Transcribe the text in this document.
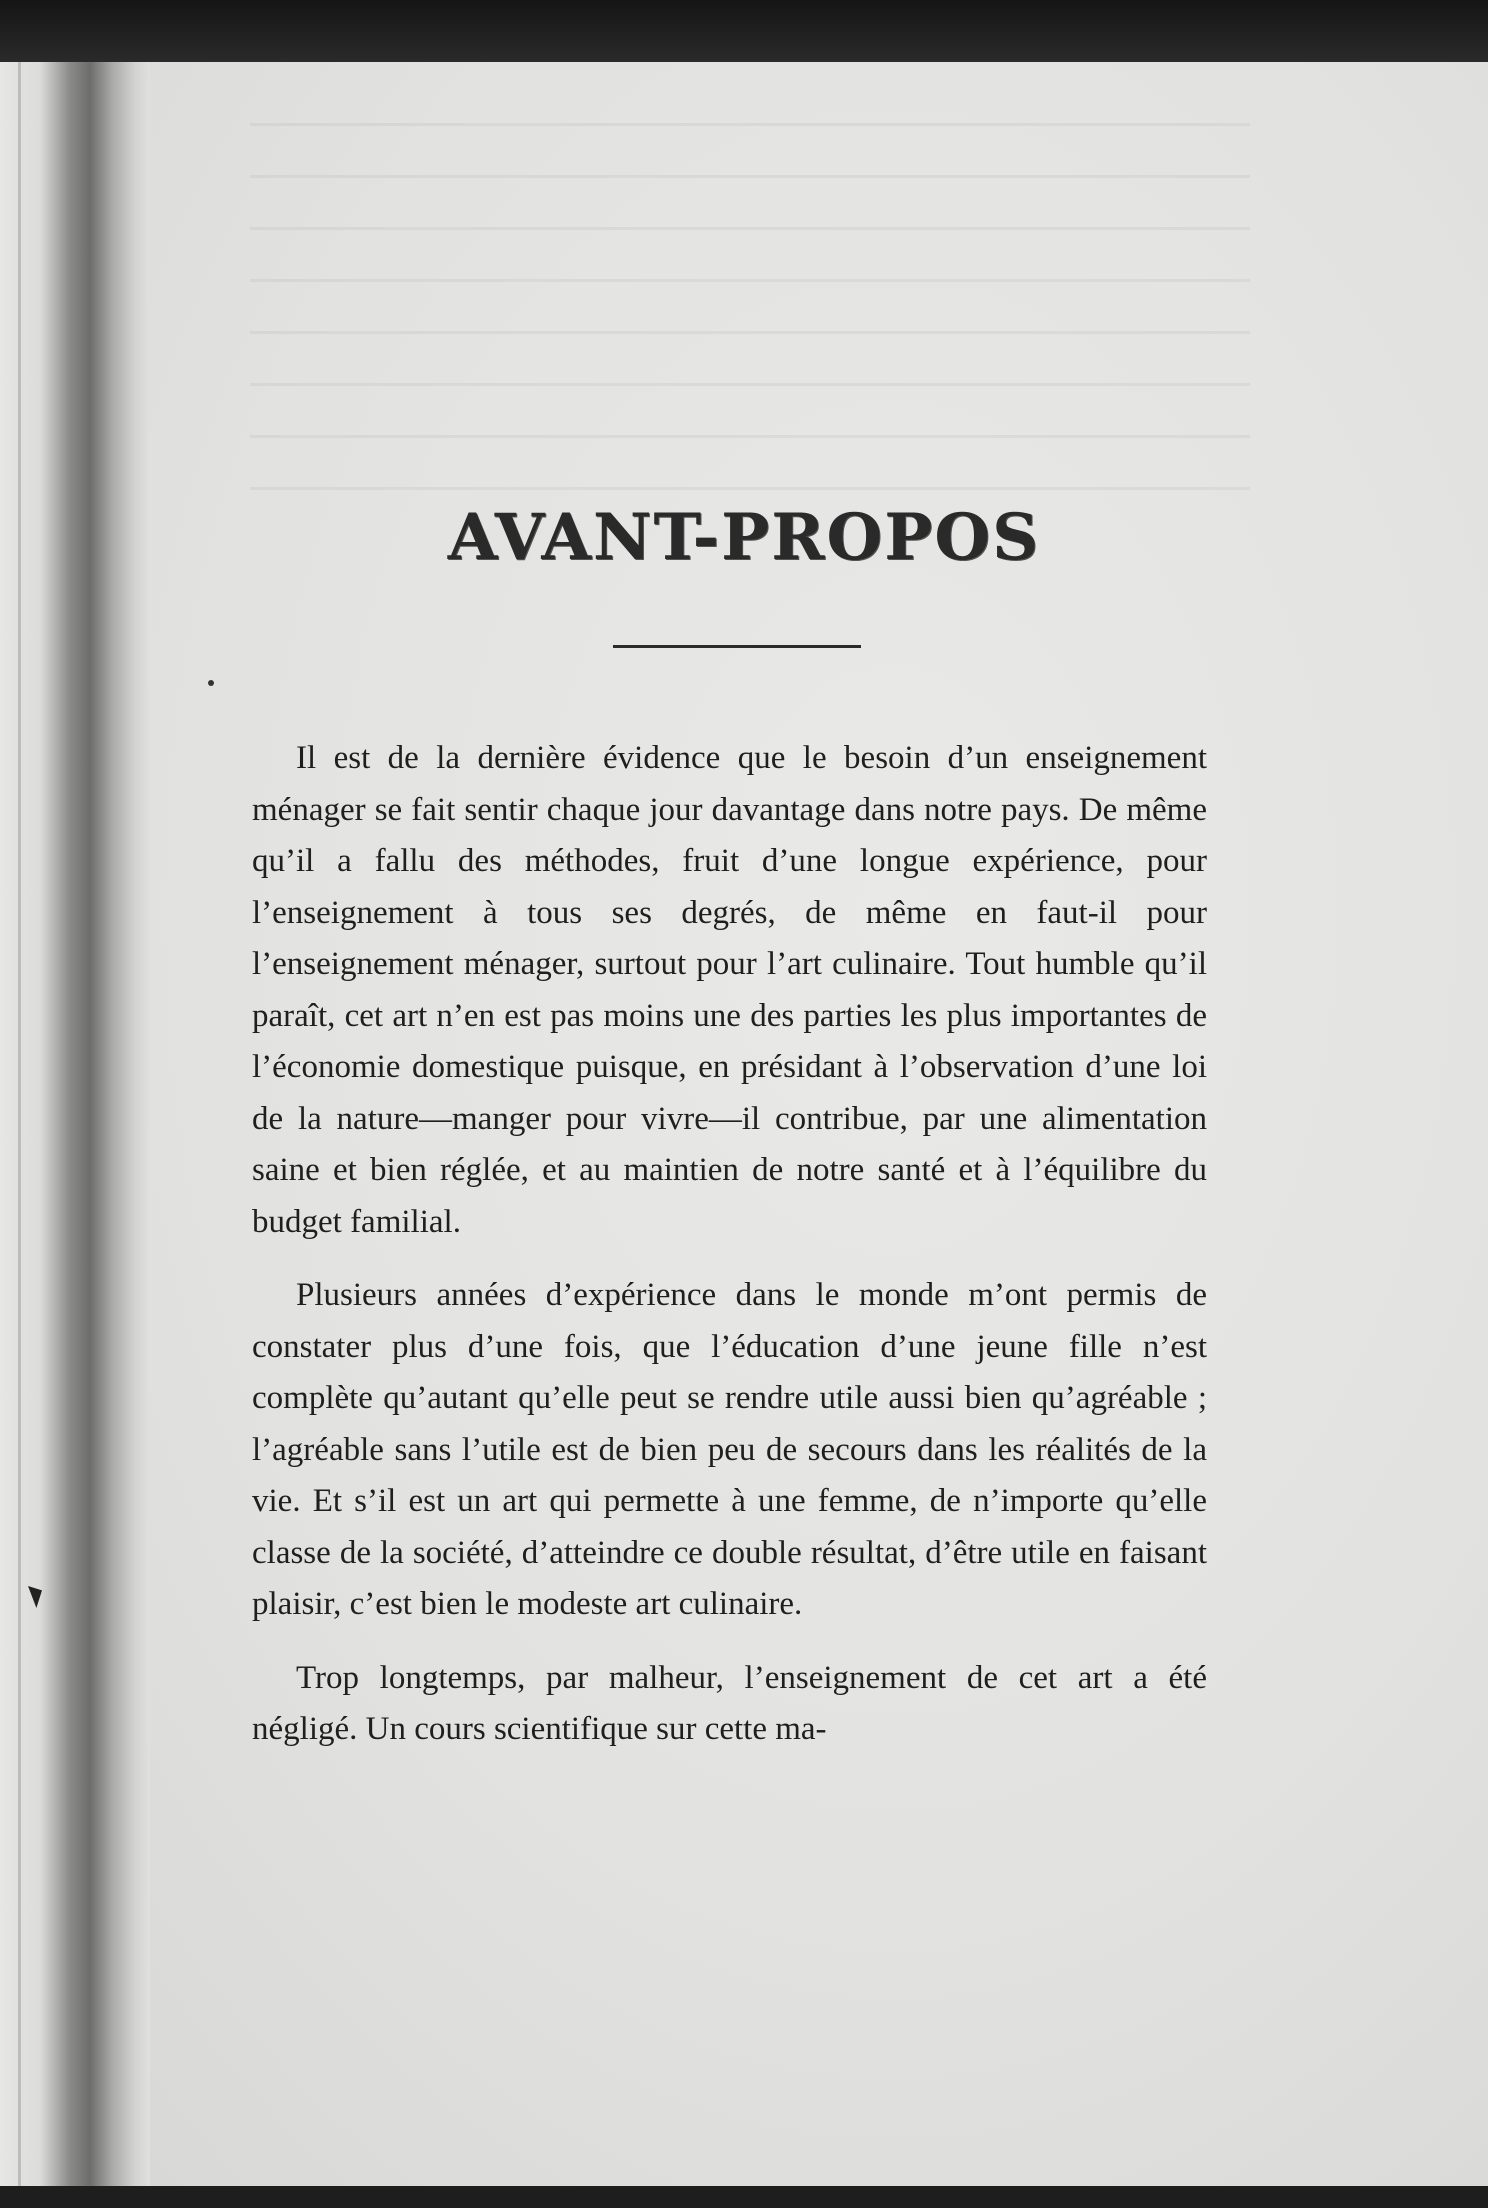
AVANT-PROPOS

Il est de la dernière évidence que le besoin d’un enseignement ménager se fait sentir chaque jour davantage dans notre pays. De même qu’il a fallu des méthodes, fruit d’une longue expérience, pour l’enseignement à tous ses degrés, de même en faut-il pour l’enseignement ménager, surtout pour l’art culinaire. Tout humble qu’il paraît, cet art n’en est pas moins une des parties les plus importantes de l’économie domestique puisque, en présidant à l’observation d’une loi de la nature—manger pour vivre—il contribue, par une alimentation saine et bien réglée, et au maintien de notre santé et à l’équilibre du budget familial.

Plusieurs années d’expérience dans le monde m’ont permis de constater plus d’une fois, que l’éducation d’une jeune fille n’est complète qu’autant qu’elle peut se rendre utile aussi bien qu’agréable ; l’agréable sans l’utile est de bien peu de secours dans les réalités de la vie. Et s’il est un art qui permette à une femme, de n’importe qu’elle classe de la société, d’atteindre ce double résultat, d’être utile en faisant plaisir, c’est bien le modeste art culinaire.

Trop longtemps, par malheur, l’enseignement de cet art a été négligé. Un cours scientifique sur cette ma-
